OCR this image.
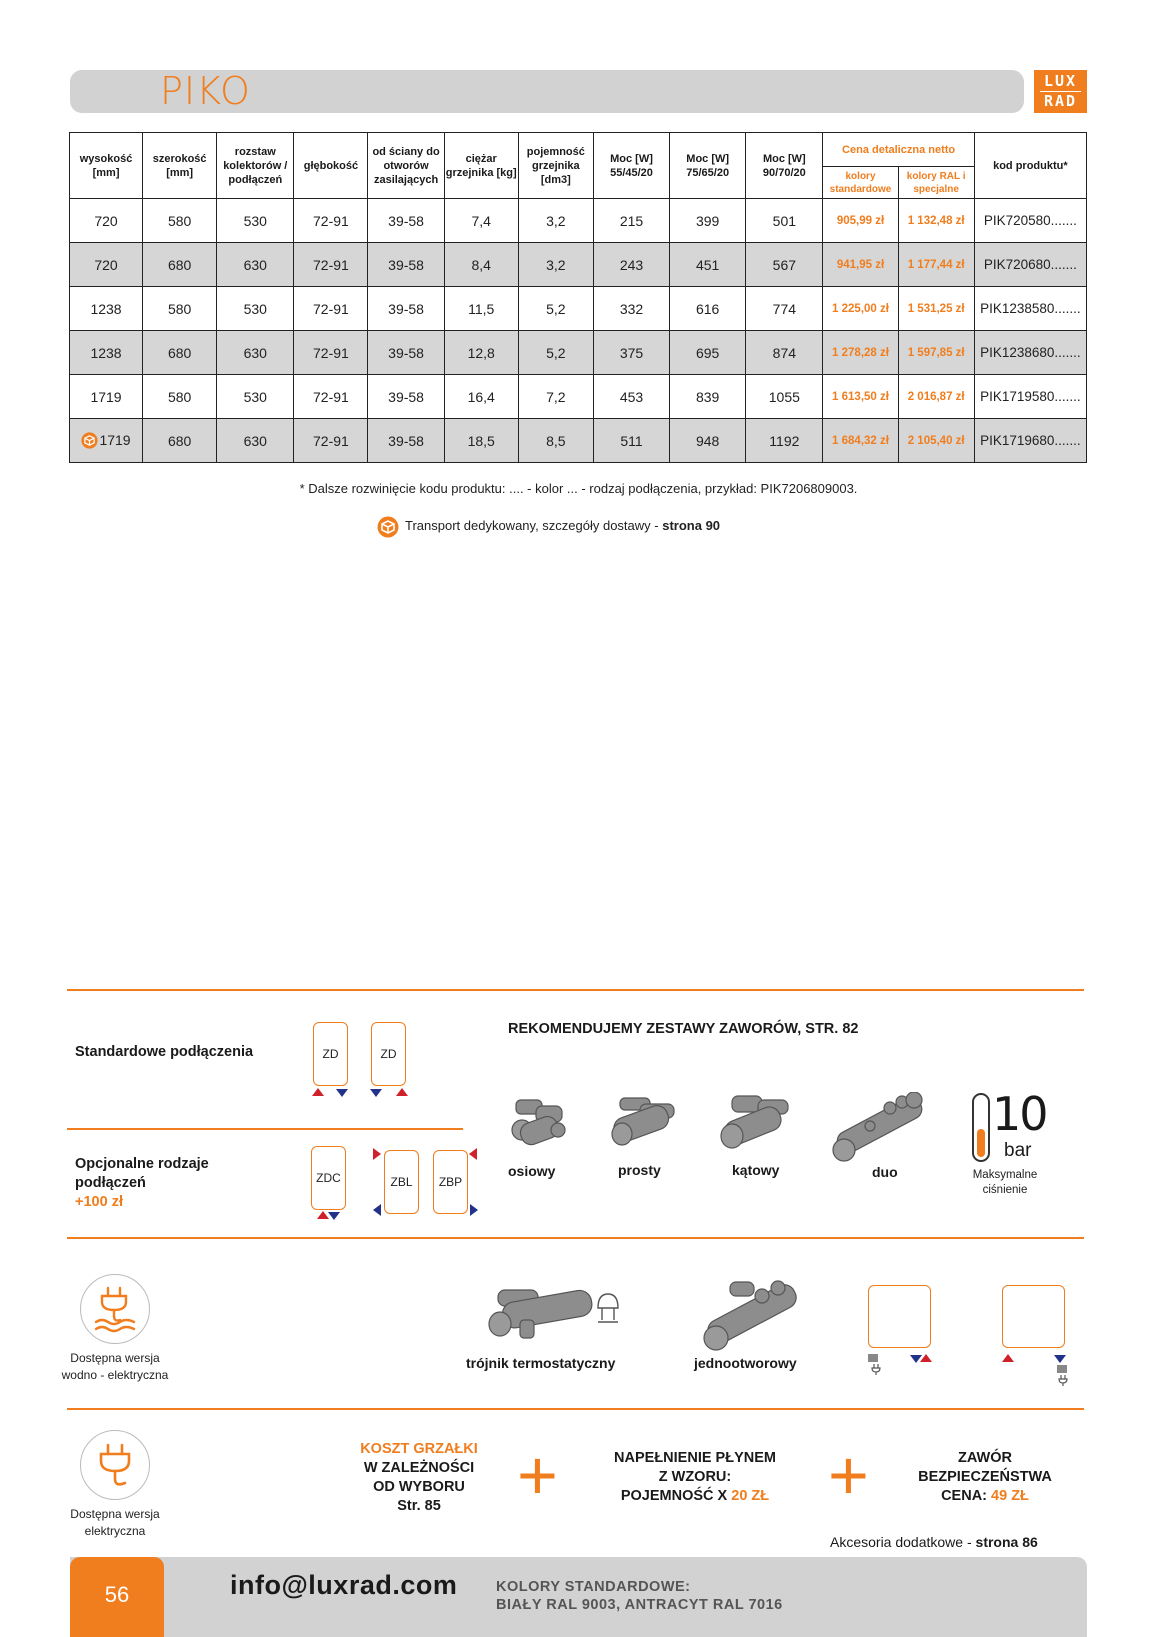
PIKO	LUX
RAD
wysokość [mm]	szerokość [mm]	rozstaw kolektorów / podłączeń	głębokość	od ściany do otworów zasilających	ciężar grzejnika [kg]	pojemność grzejnika [dm3]	Moc [W] 55/45/20	Moc [W] 75/65/20	Moc [W] 90/70/20	Cena detaliczna netto		kod produktu*
										kolory standardowe	kolory RAL i specjalne	
720	580	530	72-91	39-58	7,4	3,2	215	399	501	905,99 zł	1 132,48 zł	PIK720580.......
720	680	630	72-91	39-58	8,4	3,2	243	451	567	941,95 zł	1 177,44 zł	PIK720680.......
1238	580	530	72-91	39-58	11,5	5,2	332	616	774	1 225,00 zł	1 531,25 zł	PIK1238580.......
1238	680	630	72-91	39-58	12,8	5,2	375	695	874	1 278,28 zł	1 597,85 zł	PIK1238680.......
1719	580	530	72-91	39-58	16,4	7,2	453	839	1055	1 613,50 zł	2 016,87 zł	PIK1719580.......
1719	680	630	72-91	39-58	18,5	8,5	511	948	1192	1 684,32 zł	2 105,40 zł	PIK1719680.......
* Dalsze rozwinięcie kodu produktu: .... - kolor ... - rodzaj podłączenia, przykład: PIK7206809003.
Transport dedykowany, szczegóły dostawy - strona 90
Standardowe podłączenia	ZD	ZD
Opcjonalne rodzaje
podłączeń
+100 zł
ZDC	ZBL ZBP
REKOMENDUJEMY ZESTAWY ZAWORÓW, STR. 82
osiowy	prosty	kątowy	duo
10
bar
Maksymalne
ciśnienie
Dostępna wersja
wodno - elektryczna
trójnik termostatyczny	jednootworowy
Dostępna wersja
elektryczna
KOSZT GRZAŁKI
W ZALEŻNOŚCI
OD WYBORU
Str. 85	+	NAPEŁNIENIE PŁYNEM
Z WZORU:
POJEMNOŚĆ X 20 ZŁ +	ZAWÓR
BEZPIECZEŃSTWA
CENA: 49 ZŁ
Akcesoria dodatkowe - strona 86
56	info@luxrad.com	KOLORY STANDARDOWE:
BIAŁY RAL 9003, ANTRACYT RAL 7016
